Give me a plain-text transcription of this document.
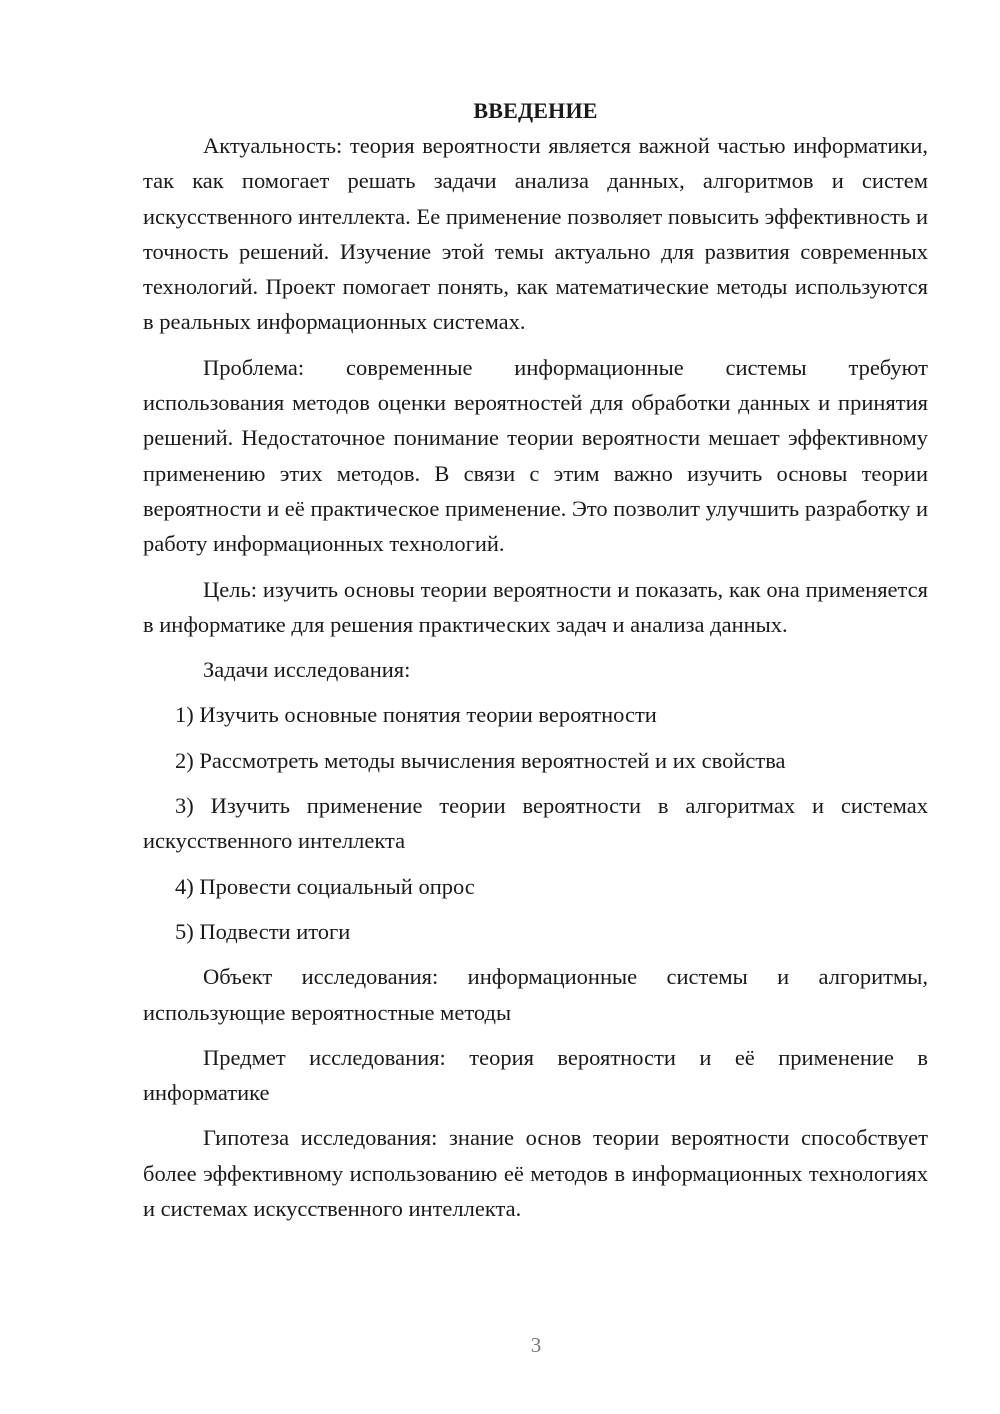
ВВЕДЕНИЕ

Актуальность: теория вероятности является важной частью информатики, так как помогает решать задачи анализа данных, алгоритмов и систем искусственного интеллекта. Ее применение позволяет повысить эффективность и точность решений. Изучение этой темы актуально для развития современных технологий. Проект помогает понять, как математические методы используются в реальных информационных системах.

Проблема: современные информационные системы требуют использования методов оценки вероятностей для обработки данных и принятия решений. Недостаточное понимание теории вероятности мешает эффективному применению этих методов. В связи с этим важно изучить основы теории вероятности и её практическое применение. Это позволит улучшить разработку и работу информационных технологий.

Цель: изучить основы теории вероятности и показать, как она применяется в информатике для решения практических задач и анализа данных.

Задачи исследования:

1) Изучить основные понятия теории вероятности

2) Рассмотреть методы вычисления вероятностей и их свойства

3) Изучить применение теории вероятности в алгоритмах и системах искусственного интеллекта

4) Провести социальный опрос

5) Подвести итоги

Объект исследования: информационные системы и алгоритмы, использующие вероятностные методы

Предмет исследования: теория вероятности и её применение в информатике

Гипотеза исследования: знание основ теории вероятности способствует более эффективному использованию её методов в информационных технологиях и системах искусственного интеллекта.

3
